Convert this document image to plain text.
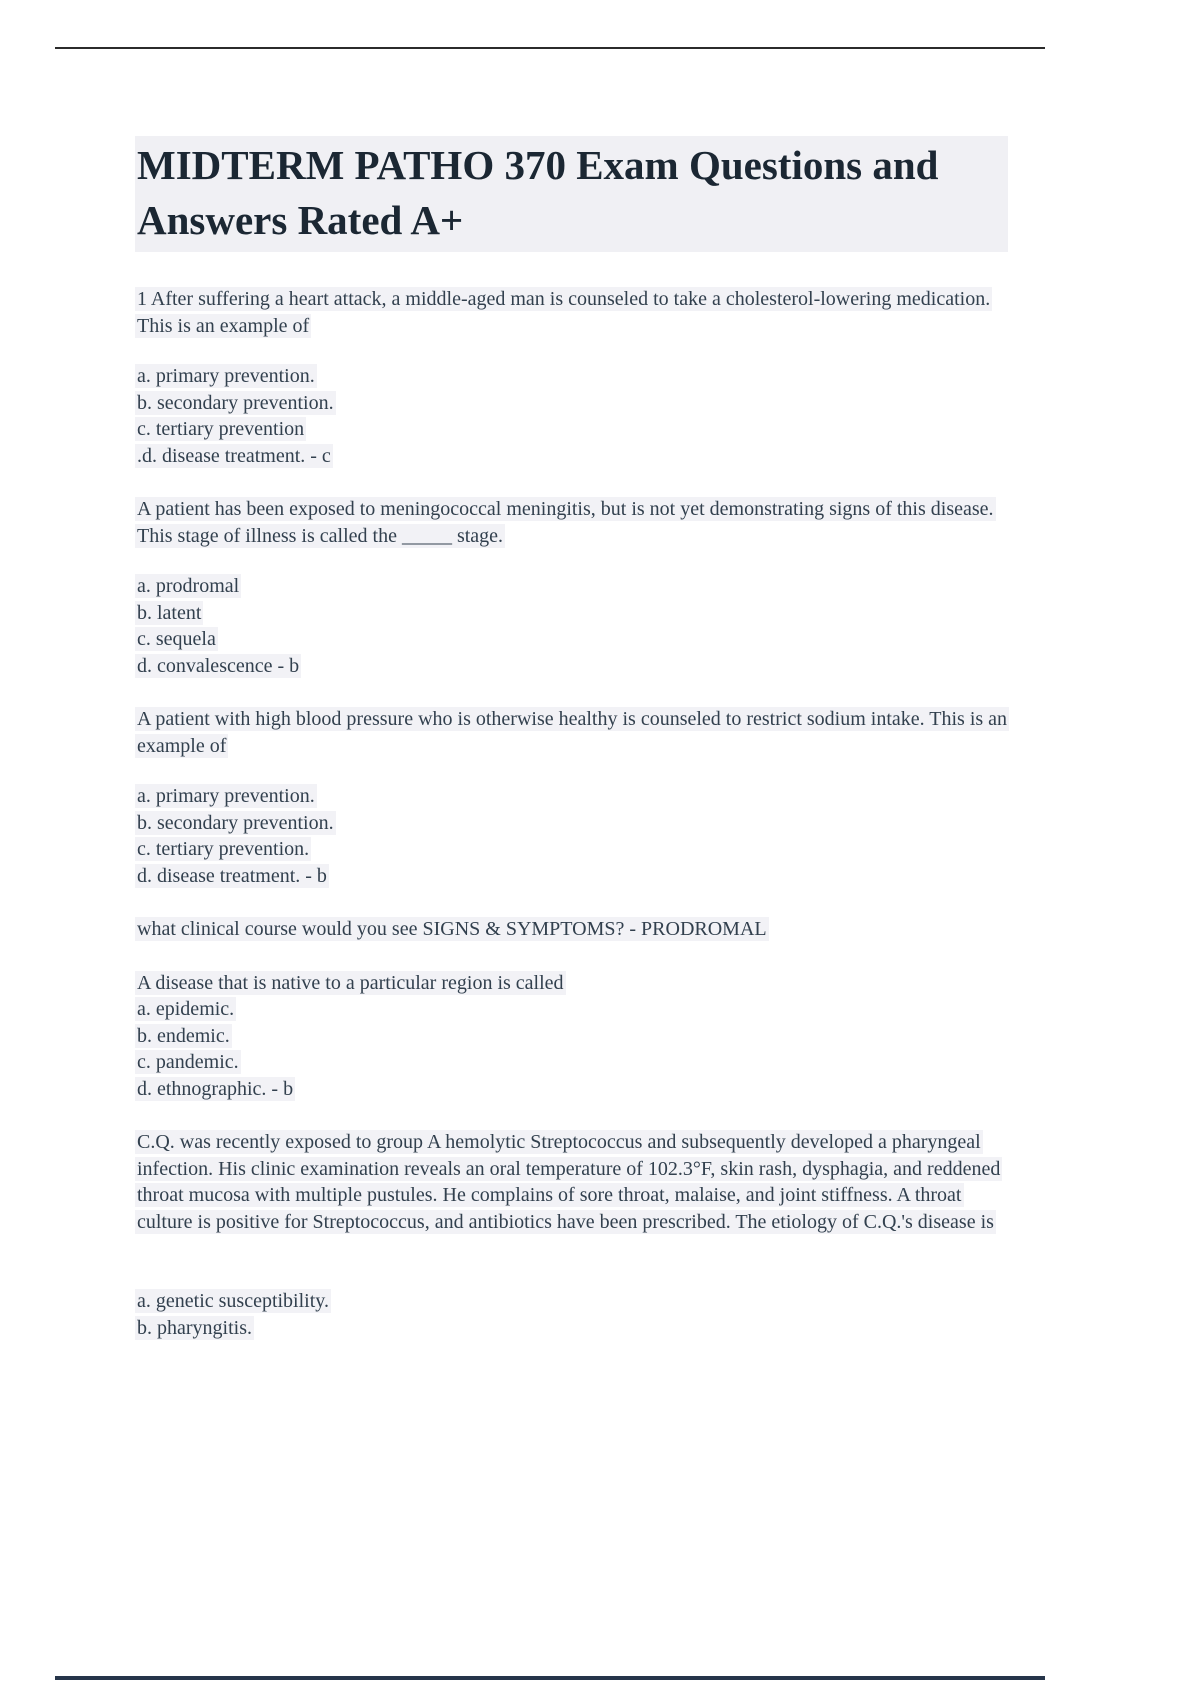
MIDTERM PATHO 370 Exam Questions and Answers Rated A+

1 After suffering a heart attack, a middle-aged man is counseled to take a cholesterol-lowering medication. This is an example of

a. primary prevention.
b. secondary prevention.
c. tertiary prevention
.d. disease treatment. - c

A patient has been exposed to meningococcal meningitis, but is not yet demonstrating signs of this disease. This stage of illness is called the _____ stage.

a. prodromal
b. latent
c. sequela
d. convalescence - b

A patient with high blood pressure who is otherwise healthy is counseled to restrict sodium intake. This is an example of

a. primary prevention.
b. secondary prevention.
c. tertiary prevention.
d. disease treatment. - b

what clinical course would you see SIGNS & SYMPTOMS? - PRODROMAL

A disease that is native to a particular region is called

a. epidemic.
b. endemic.
c. pandemic.
d. ethnographic. - b

C.Q. was recently exposed to group A hemolytic Streptococcus and subsequently developed a pharyngeal infection. His clinic examination reveals an oral temperature of 102.3°F, skin rash, dysphagia, and reddened throat mucosa with multiple pustules. He complains of sore throat, malaise, and joint stiffness. A throat culture is positive for Streptococcus, and antibiotics have been prescribed. The etiology of C.Q.'s disease is

a. genetic susceptibility.
b. pharyngitis.
